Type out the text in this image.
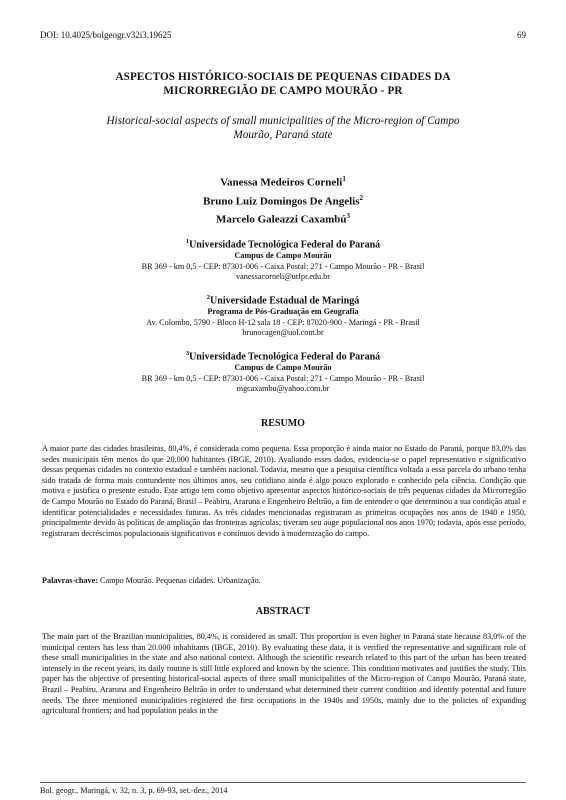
DOI: 10.4025/bolgeogr.v32i3.19625	69
ASPECTOS HISTÓRICO-SOCIAIS DE PEQUENAS CIDADES DA
MICRORREGIÃO DE CAMPO MOURÃO - PR
Historical-social aspects of small municipalities of the Micro-region of Campo
Mourão, Paraná state
Vanessa Medeiros Corneli$^1$
Bruno Luiz Domingos De Angelis$^2$
Marcelo Galeazzi Caxambú$^3$
$^1$Universidade Tecnológica Federal do Paraná
Campus de Campo Mourão
BR 369 - km 0,5 - CEP: 87301-006 - Caixa Postal: 271 - Campo Mourão - PR - Brasil
vanessacorneli@utfpr.edu.br
$^2$Universidade Estadual de Maringá
Programa de Pós-Graduação em Geografia
Av. Colombo, 5790 - Bloco H-12 sala 18 - CEP: 87020-900 - Maringá - PR - Brasil
brunocagen@uol.com.br
$^3$Universidade Tecnológica Federal do Paraná
Campus de Campo Mourão
BR 369 - km 0,5 - CEP: 87301-006 - Caixa Postal: 271 - Campo Mourão - PR - Brasil
mgcaxambu@yahoo.com.br
RESUMO
A maior parte das cidades brasileiras, 80,4%, é considerada como pequena. Essa proporção é ainda maior no Estado do Paraná, porque 83,0% das sedes municipais têm menos do que 20.000 habitantes (IBGE, 2010). Avaliando esses dados, evidencia-se o papel representativo e significativo dessas pequenas cidades no contexto estadual e também nacional. Todavia, mesmo que a pesquisa científica voltada a essa parcela do urbano tenha sido tratada de forma mais contundente nos últimos anos, seu cotidiano ainda é algo pouco explorado e conhecido pela ciência. Condição que motiva e justifica o presente estudo. Este artigo tem como objetivo apresentar aspectos histórico-sociais de três pequenas cidades da Microrregião de Campo Mourão no Estado do Paraná, Brasil – Peabiru, Araruna e Engenheiro Beltrão, a fim de entender o que determinou a sua condição atual e identificar potencialidades e necessidades futuras. As três cidades mencionadas registraram as primeiras ocupações nos anos de 1940 e 1950, principalmente devido às políticas de ampliação das fronteiras agrícolas; tiveram seu auge populacional nos anos 1970; todavia, após esse período, registraram decréscimos populacionais significativos e contínuos devido à modernização do campo.
Palavras-chave: Campo Mourão. Pequenas cidades. Urbanização.
ABSTRACT
The main part of the Brazilian municipalities, 80,4%, is considered as small. This proportion is even higher in Paraná state because 83,0% of the municipal centers has less than 20.000 inhabitants (IBGE, 2010). By evaluating these data, it is verified the representative and significant role of these small municipalities in the state and also national context. Although the scientific research related to this part of the urban has been treated intensely in the recent years, its daily routine is still little explored and known by the science. This condition motivates and justifies the study. This paper has the objective of presenting historical-social aspects of three small municipalities of the Micro-region of Campo Mourão, Paraná state, Brazil – Peabiru, Araruna and Engenheiro Beltrão in order to understand what determined their current condition and identify potential and future needs. The three mentioned municipalities registered the first occupations in the 1940s and 1950s, mainly due to the policies of expanding agricultural frontiers; and had population peaks in the
Bol. geogr., Maringá, v. 32, n. 3, p. 69-93, set.-dez., 2014
